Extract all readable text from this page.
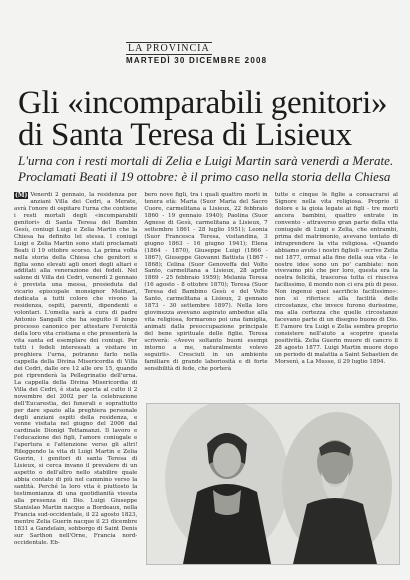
LA PROVINCIA
MARTEDÌ 30 DICEMBRE 2008
Gli «incomparabili genitori»
di Santa Teresa di Lisieux
L'urna con i resti mortali di Zelia e Luigi Martin sarà venerdì a Merate. Proclamati Beati il 19 ottobre: è il primo caso nella storia della Chiesa

(M) Venerdì 2 gennaio, la residenza per anziani Villa dei Cedri, a Merate, avrà l'onore di ospitare l'urna che contiene i resti mortali degli «incomparabili genitori» di Santa Teresa del Bambin Gesù, coniugi Luigi e Zelia Martin che la Chiesa ha definito lei stessa. I coniugi Luigi e Zelia Martin sono stati proclamati Beati il 19 ottobre scorso. La prima volta nella storia della Chiesa che genitori e figlia sono elevati agli onori degli altari e additati alla venerazione dei fedeli. Nel salone di Villa dei Cedri, venerdì 2 gennaio è prevista una messa, presieduta dal vicario episcopale monsignor Molinari, dedicata a tutti coloro che vivono la residenza, ospiti, parenti, dipendenti e volontari. L'omelia sarà a cura di padre Antonio Sangalli che ha seguito il lungo processo canonico per attestare l'eroicità della loro vita cristiana e che presenterà la vita santa ed esemplare dei coniugi. Per tutti i fedeli interessati a visitare in preghiera l'urna, potranno farlo nella cappella della Divina Misericordia di Villa dei Cedri, dalle ore 12 alle ore 15, quando poi riprenderà la Pellegrinatio dell'urna. La cappella della Divina Misericordia di Villa dei Cedri, è stata aperta al culto il 2 novembre del 2002 per la celebrazione dell'Eucarestia, dei funerali e soprattutto per dare spazio alla preghiera personale degli anziani ospiti della residenza, e venne visitata nel giugno del 2006 dal cardinale Dionigi Tettamanzi. Il lavoro e l'educazione dei figli, l'amore coniugale e l'apertura e l'attenzione verso gli altri! Rileggendo la vita di Luigi Martin e Zelia Guerin, i genitori di santa Teresa di Lisieux, si cerca invano il prevalere di un aspetto o dell'altro nello stabilire quale abbia contato di più nel cammino verso la santità. Perché la loro vita è piuttosto la testimonianza di una quotidianità vissuta alla presenza di Dio. Luigi Giuseppe Stanislao Martin nacque a Bordeaux, nella Francia sud-occidentale, il 22 agosto 1823, mentre Zelia Guerin nacque il 23 dicembre 1831 a Gandelain, sobborgo di Saint Denis sur Sarthon nell'Orne, Francia nord-occidentale. Eb-

bero nove figli, tra i quali quattro morti in tenera età: Maria (Suor Maria del Sacro Cuore, carmelitana a Lisieux, 22 febbraio 1860 - 19 gennaio 1940); Paolina (Suor Agnese di Gesù, carmelitana a Lisieux, 7 settembre 1861 - 28 luglio 1951); Leonia (Suor Francesca Teresa, visitandina, 3 giugno 1863 - 16 giugno 1941); Elena (1864 - 1870), Giuseppe Luigi (1866 - 1867), Giuseppe Giovanni Battista (1867 - 1868); Celina (Suor Genoveffa del Volto Santo, carmelitana a Lisieux, 28 aprile 1869 - 25 febbraio 1959); Melania Teresa (16 agosto - 8 ottobre 1870); Teresa (Suor Teresa del Bambino Gesù e del Volto Santo, carmelitana a Lisieux, 2 gennaio 1873 - 30 settembre 1897). Nella loro giovinezza avevano aspirato ambedue alla vita religiosa, formarono poi una famiglia, animati dalla preoccupazione principale del bene spirituale delle figlie. Teresa scriverà: «Avevo soltanto buoni esempi intorno a me, naturalmente volevo seguirli». Cresciuti in un ambiente familiare di grande laboriosità e di forte sensibilità di fede, che porterà

tutte e cinque le figlie a consacrarsi al Signore nella vita religiosa. Proprio il dolore e la gioia legate ai figli - tre morti ancora bambini, quattro entrate in convento - attraverso gran parte della vita coniugale di Luigi e Zelia, che entrambi, prima del matrimonio, avevano tentato di intraprendere la vita religiosa. «Quando abbiamo avuto i nostri figlioli - scrive Zelia nel 1877, ormai alla fine della sua vita - le nostre idee sono un po' cambiate: non vivevamo più che per loro, questa era la nostra felicità, trascorsa tutta ci riusciva facilissimo, il mondo non ci era più di peso. Non ingenui quei sacrificio facilissimo»: non si riferisce alla facilità delle circostanze, che invece furono durissime, ma alla certezza che quelle circostanze facevano parte di un disegno buono di Dio. E l'amore tra Luigi e Zelia sembra proprio consistere nell'aiuto a scoprire questa positività. Zelia Guerin muore di cancro il 28 agosto 1877. Luigi Martin muore dopo un periodo di malattia a Saint Sebastien de Morsenì, a La Musse, il 29 luglio 1894.
